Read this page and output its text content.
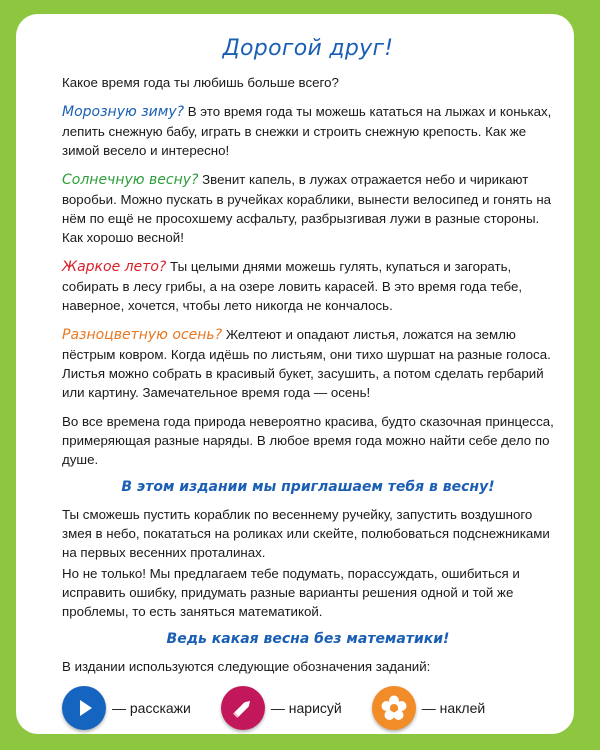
Дорогой друг!

Какое время года ты любишь больше всего?

Морозную зиму? В это время года ты можешь кататься на лыжах и коньках, лепить снежную бабу, играть в снежки и строить снежную крепость. Как же зимой весело и интересно!

Солнечную весну? Звенит капель, в лужах отражается небо и чирикают воробьи. Можно пускать в ручейках кораблики, вынести велосипед и гонять на нём по ещё не просохшему асфальту, разбрызгивая лужи в разные стороны. Как хорошо весной!

Жаркое лето? Ты целыми днями можешь гулять, купаться и загорать, собирать в лесу грибы, а на озере ловить карасей. В это время года тебе, наверное, хочется, чтобы лето никогда не кончалось.

Разноцветную осень? Желтеют и опадают листья, ложатся на землю пёстрым ковром. Когда идёшь по листьям, они тихо шуршат на разные голоса. Листья можно собрать в красивый букет, засушить, а потом сделать гербарий или картину. Замечательное время года — осень!

Во все времена года природа невероятно красива, будто сказочная принцесса, примеряющая разные наряды. В любое время года можно найти себе дело по душе.

В этом издании мы приглашаем тебя в весну!

Ты сможешь пустить кораблик по весеннему ручейку, запустить воздушного змея в небо, покататься на роликах или скейте, полюбоваться подснежниками на первых весенних проталинах.

Но не только! Мы предлагаем тебе подумать, порассуждать, ошибиться и исправить ошибку, придумать разные варианты решения одной и той же проблемы, то есть заняться математикой.

Ведь какая весна без математики!

В издании используются следующие обозначения заданий:

— расскажи	— нарисуй	— наклей
